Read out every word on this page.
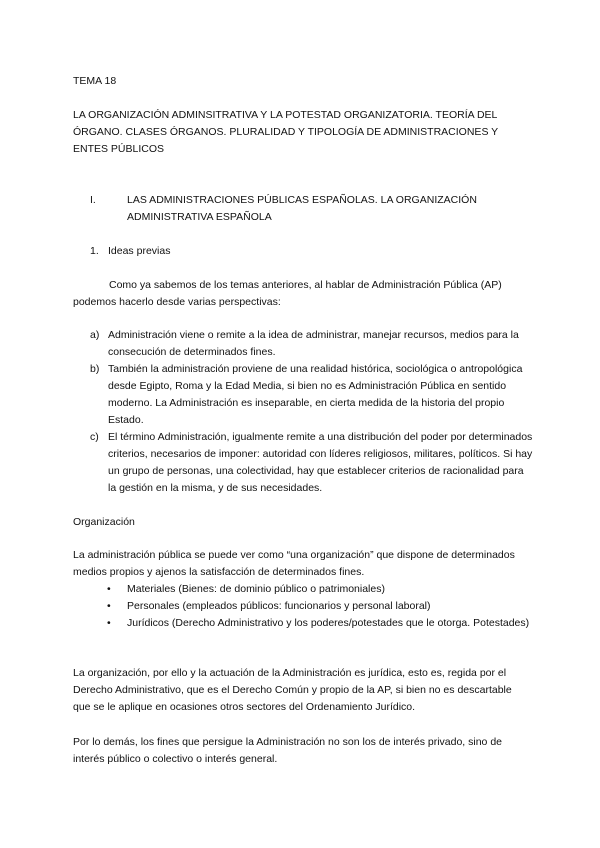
TEMA 18

LA ORGANIZACIÓN ADMINSITRATIVA Y LA POTESTAD ORGANIZATORIA. TEORÍA DEL ÓRGANO. CLASES ÓRGANOS. PLURALIDAD Y TIPOLOGÍA DE ADMINISTRACIONES Y ENTES PÚBLICOS

I.	LAS ADMINISTRACIONES PÚBLICAS ESPAÑOLAS. LA ORGANIZACIÓN ADMINISTRATIVA ESPAÑOLA
1. Ideas previas

Como ya sabemos de los temas anteriores, al hablar de Administración Pública (AP) podemos hacerlo desde varias perspectivas:

a) Administración viene o remite a la idea de administrar, manejar recursos, medios para la consecución de determinados fines.
b) También la administración proviene de una realidad histórica, sociológica o antropológica desde Egipto, Roma y la Edad Media, si bien no es Administración Pública en sentido moderno. La Administración es inseparable, en cierta medida de la historia del propio Estado.
c) El término Administración, igualmente remite a una distribución del poder por determinados criterios, necesarios de imponer: autoridad con líderes religiosos, militares, políticos. Si hay un grupo de personas, una colectividad, hay que establecer criterios de racionalidad para la gestión en la misma, y de sus necesidades.

Organización

La administración pública se puede ver como “una organización” que dispone de determinados medios propios y ajenos la satisfacción de determinados fines.

• Materiales (Bienes: de dominio público o patrimoniales)
• Personales (empleados públicos: funcionarios y personal laboral)
• Jurídicos (Derecho Administrativo y los poderes/potestades que le otorga. Potestades)

La organización, por ello y la actuación de la Administración es jurídica, esto es, regida por el Derecho Administrativo, que es el Derecho Común y propio de la AP, si bien no es descartable que se le aplique en ocasiones otros sectores del Ordenamiento Jurídico.

Por lo demás, los fines que persigue la Administración no son los de interés privado, sino de interés público o colectivo o interés general.
